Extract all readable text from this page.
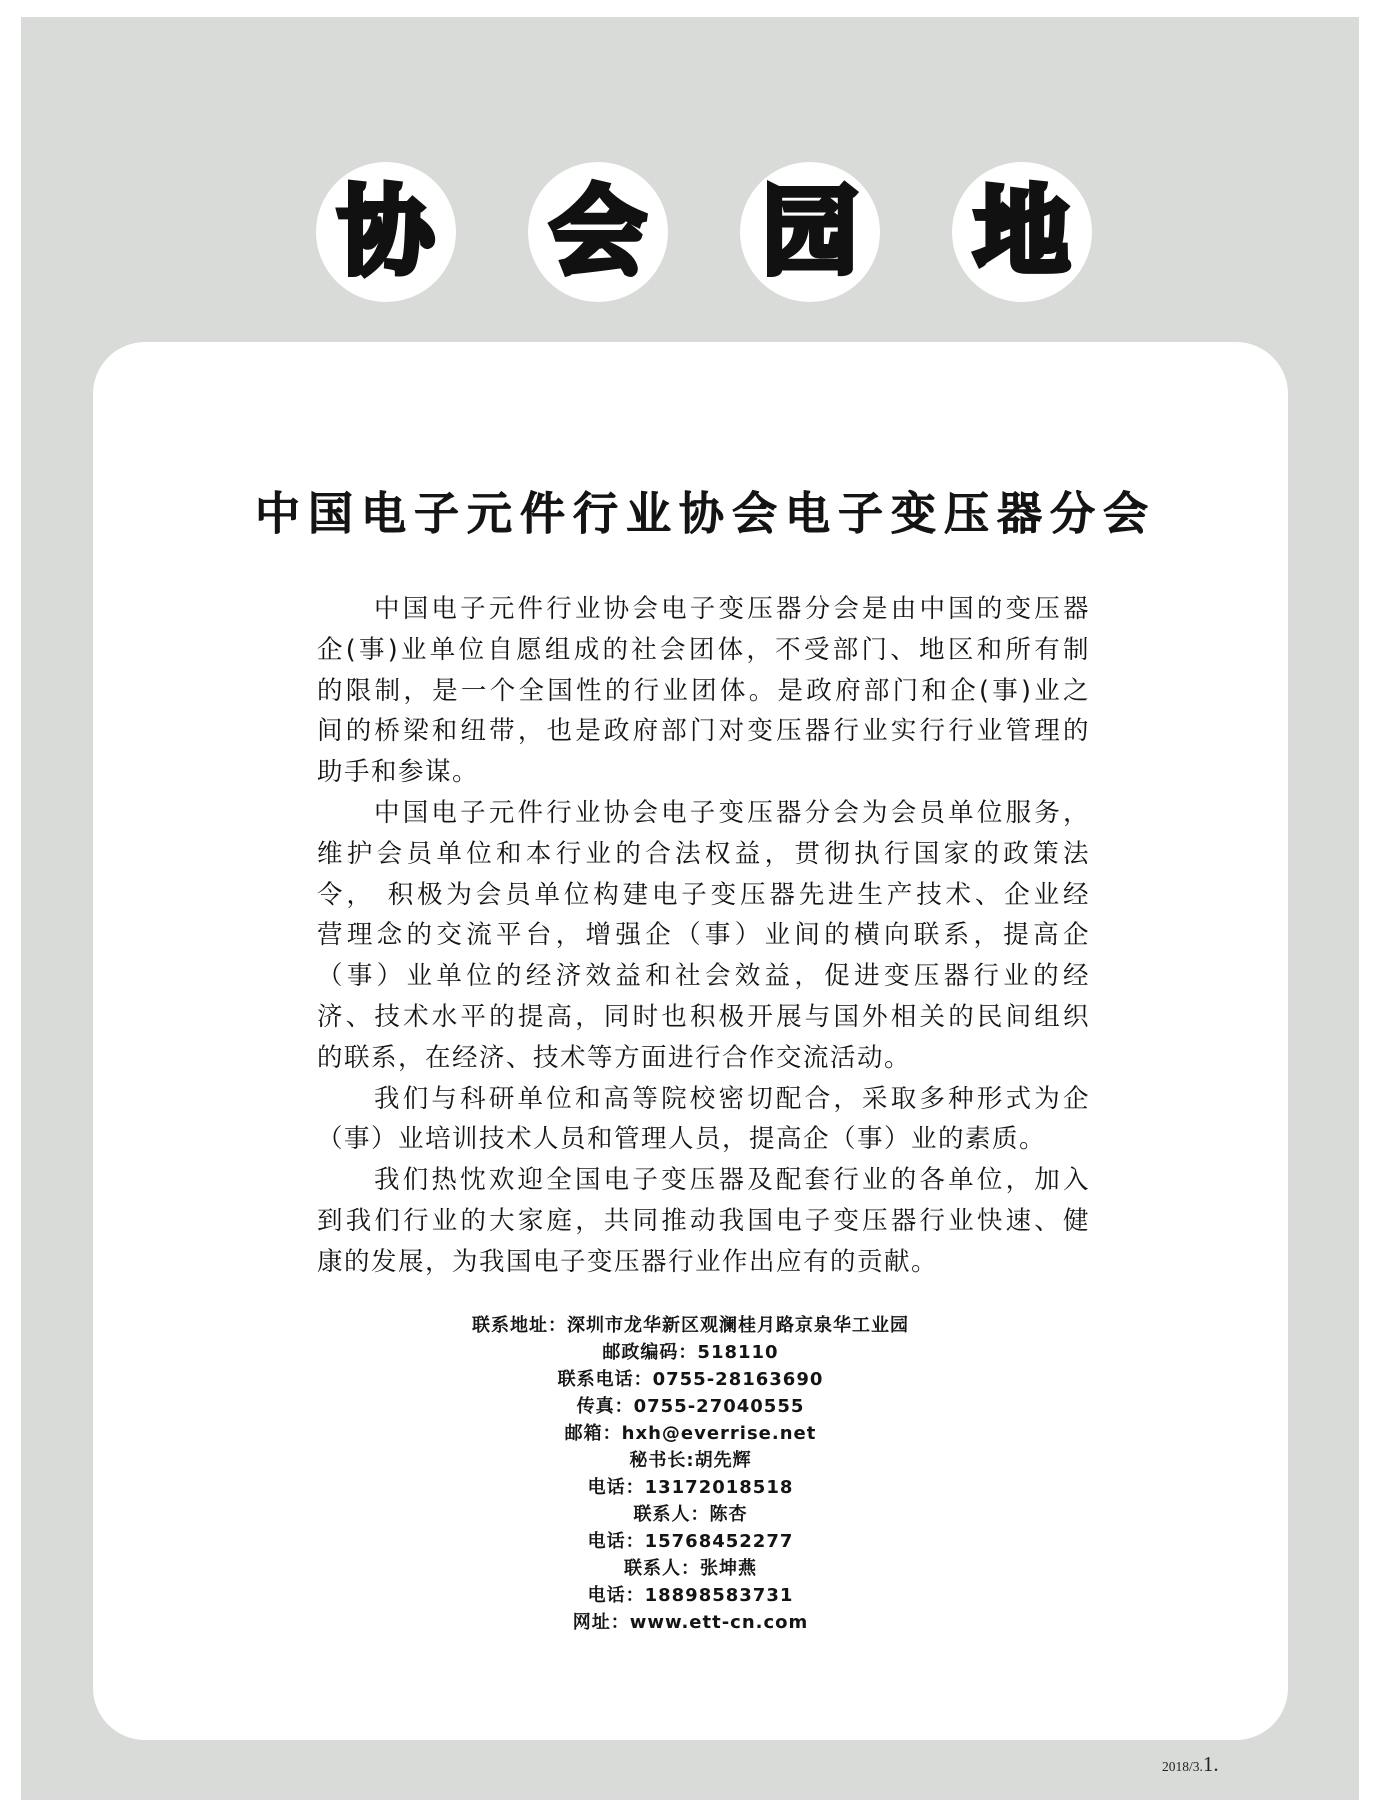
协 会 园 地
中国电子元件行业协会电子变压器分会
中国电子元件行业协会电子变压器分会是由中国的变压器
企(事)业单位自愿组成的社会团体，不受部门、地区和所有制
的限制，是一个全国性的行业团体。是政府部门和企(事)业之
间的桥梁和纽带，也是政府部门对变压器行业实行行业管理的
助手和参谋。
中国电子元件行业协会电子变压器分会为会员单位服务，
维护会员单位和本行业的合法权益，贯彻执行国家的政策法
令， 积极为会员单位构建电子变压器先进生产技术、企业经
营理念的交流平台，增强企（事）业间的横向联系，提高企
（事）业单位的经济效益和社会效益，促进变压器行业的经
济、技术水平的提高，同时也积极开展与国外相关的民间组织
的联系，在经济、技术等方面进行合作交流活动。
我们与科研单位和高等院校密切配合，采取多种形式为企
（事）业培训技术人员和管理人员，提高企（事）业的素质。
我们热忱欢迎全国电子变压器及配套行业的各单位，加入
到我们行业的大家庭，共同推动我国电子变压器行业快速、健
康的发展，为我国电子变压器行业作出应有的贡献。
联系地址：深圳市龙华新区观澜桂月路京泉华工业园
邮政编码：518110
联系电话：0755-28163690
传真：0755-27040555
邮箱：hxh@everrise.net
秘书长:胡先辉
电话：13172018518
联系人：陈杏
电话：15768452277
联系人：张坤燕
电话：18898583731
网址：www.ett-cn.com
2018/3.1.
